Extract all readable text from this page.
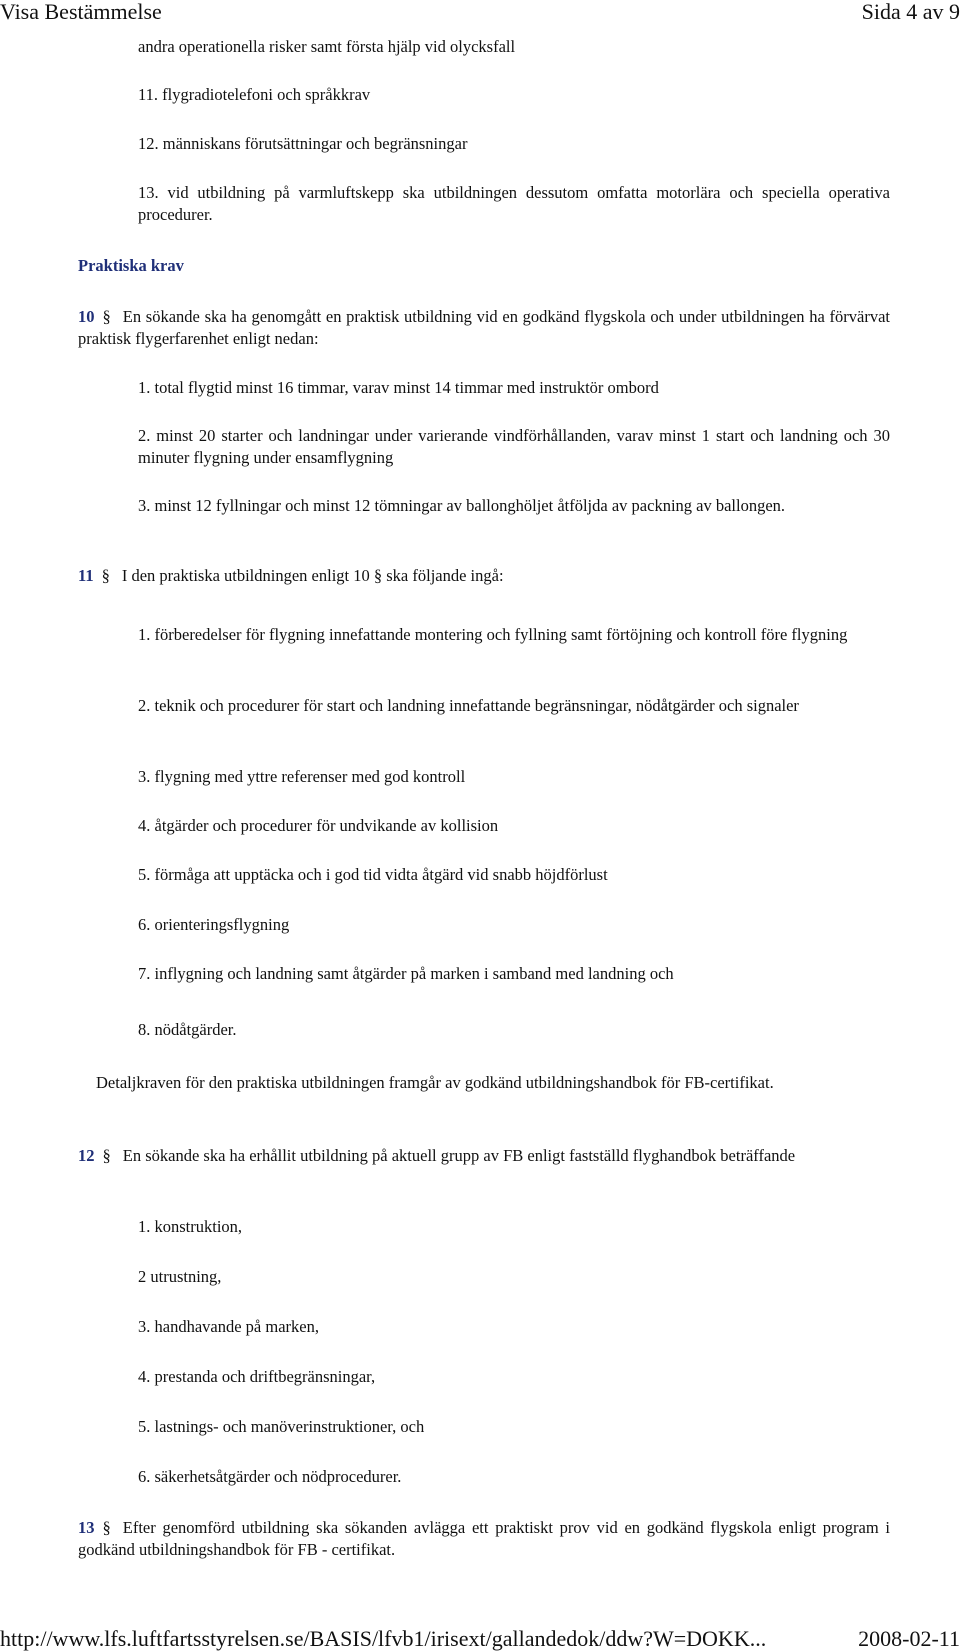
Visa Bestämmelse	Sida 4 av 9

andra operationella risker samt första hjälp vid olycksfall

11. flygradiotelefoni och språkkrav

12. människans förutsättningar och begränsningar

13. vid utbildning på varmluftskepp ska utbildningen dessutom omfatta motorlära och speciella operativa procedurer.

Praktiska krav

10 § En sökande ska ha genomgått en praktisk utbildning vid en godkänd flygskola och under utbildningen ha förvärvat praktisk flygerfarenhet enligt nedan:

1. total flygtid minst 16 timmar, varav minst 14 timmar med instruktör ombord

2. minst 20 starter och landningar under varierande vindförhållanden, varav minst 1 start och landning och 30 minuter flygning under ensamflygning

3. minst 12 fyllningar och minst 12 tömningar av ballonghöljet åtföljda av packning av ballongen.

11 § I den praktiska utbildningen enligt 10 § ska följande ingå:

1. förberedelser för flygning innefattande montering och fyllning samt förtöjning och kontroll före flygning

2. teknik och procedurer för start och landning innefattande begränsningar, nödåtgärder och signaler

3. flygning med yttre referenser med god kontroll

4. åtgärder och procedurer för undvikande av kollision

5. förmåga att upptäcka och i god tid vidta åtgärd vid snabb höjdförlust

6. orienteringsflygning

7. inflygning och landning samt åtgärder på marken i samband med landning och

8. nödåtgärder.

Detaljkraven för den praktiska utbildningen framgår av godkänd utbildningshandbok för FB-certifikat.

12 § En sökande ska ha erhållit utbildning på aktuell grupp av FB enligt fastställd flyghandbok beträffande

1. konstruktion,

2 utrustning,

3. handhavande på marken,

4. prestanda och driftbegränsningar,

5. lastnings- och manöverinstruktioner, och

6. säkerhetsåtgärder och nödprocedurer.

13 § Efter genomförd utbildning ska sökanden avlägga ett praktiskt prov vid en godkänd flygskola enligt program i godkänd utbildningshandbok för FB - certifikat.

http://www.lfs.luftfartsstyrelsen.se/BASIS/lfvb1/irisext/gallandedok/ddw?W=DOKK...	2008-02-11
